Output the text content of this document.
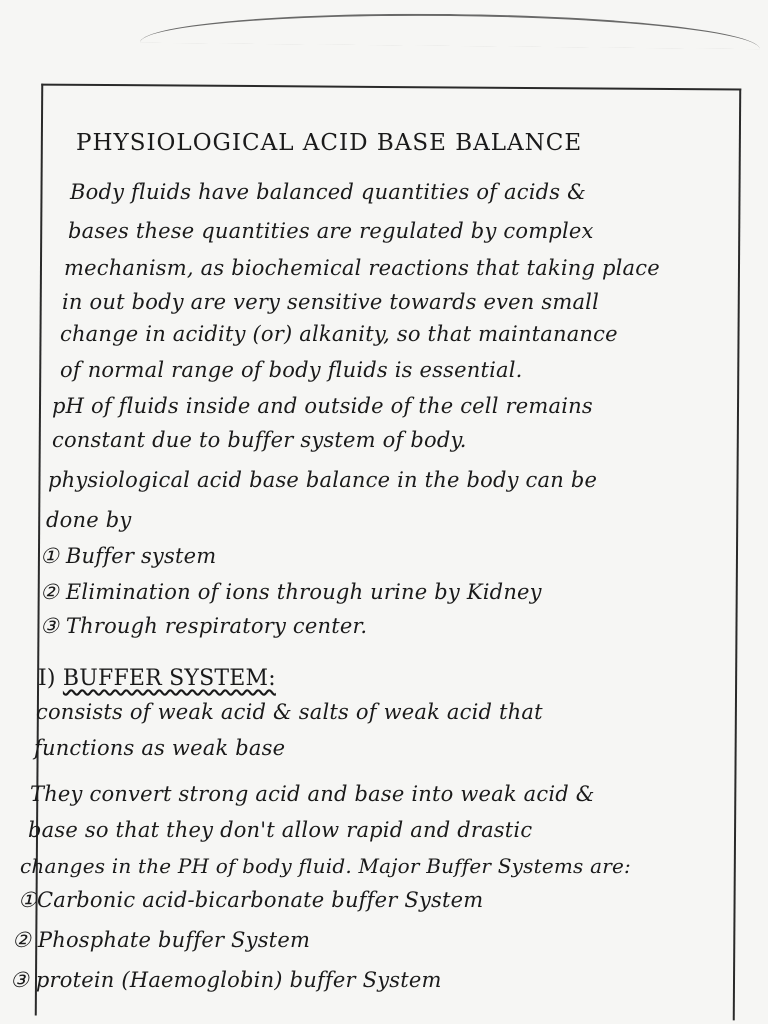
PHYSIOLOGICAL ACID BASE BALANCE
Body fluids have balanced quantities of acids &
bases these quantities are regulated by complex
mechanism, as biochemical reactions that taking place
in out body are very sensitive towards even small
change in acidity (or) alkanity, so that maintanance
of normal range of body fluids is essential.
pH of fluids inside and outside of the cell remains
constant due to buffer system of body.
physiological acid base balance in the body can be
done by
① Buffer system
② Elimination of ions through urine by Kidney
③ Through respiratory center.
I) BUFFER SYSTEM:
consists of weak acid & salts of weak acid that
functions as weak base
They convert strong acid and base into weak acid &
base so that they don't allow rapid and drastic
changes in the PH of body fluid. Major Buffer Systems are:
①Carbonic acid-bicarbonate buffer System
② Phosphate buffer System
③ protein (Haemoglobin) buffer System
